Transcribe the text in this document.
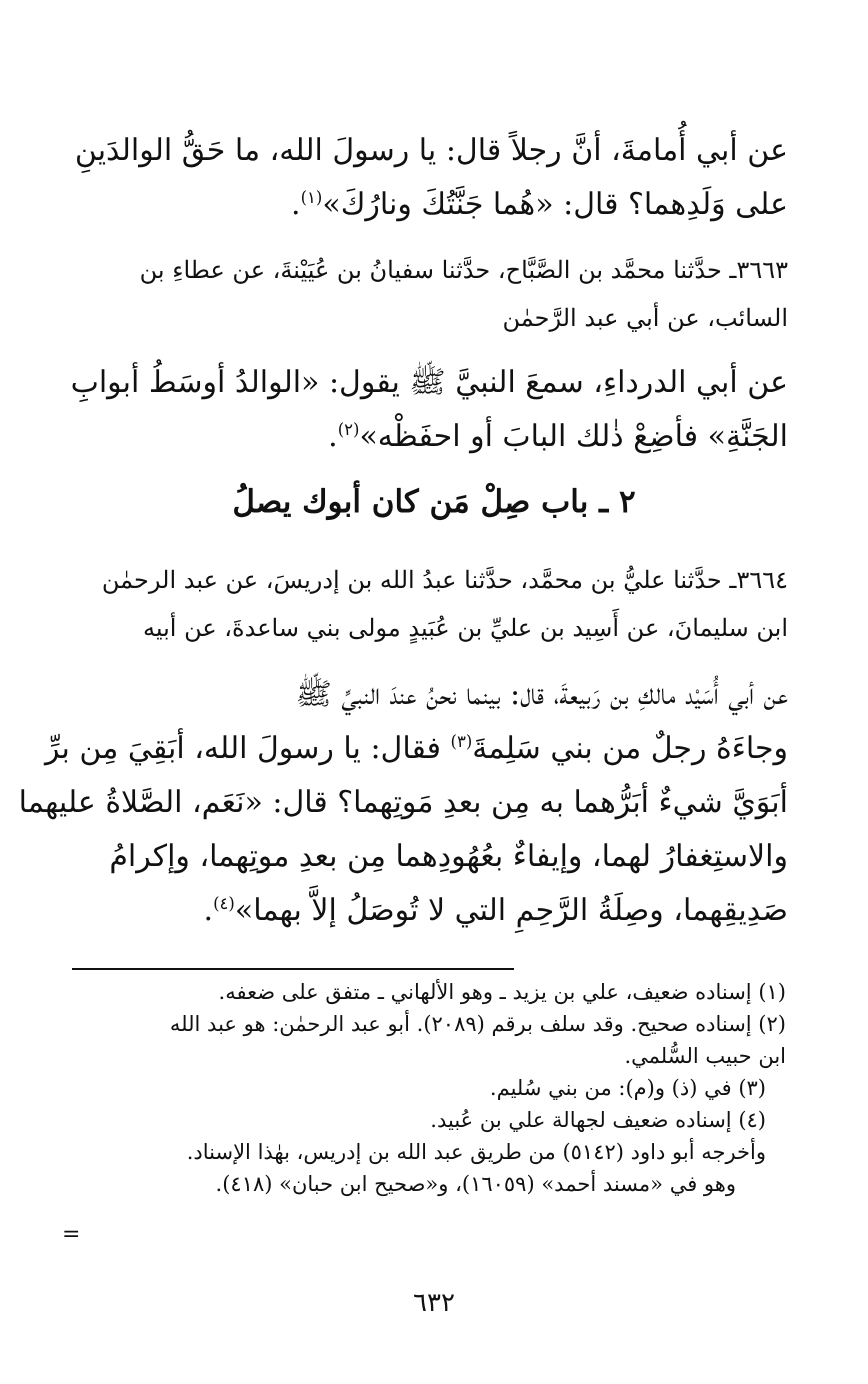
عن أبي أُمامةَ، أنَّ رجلاً قال: يا رسولَ الله، ما حَقُّ الوالدَينِ
على وَلَدِهما؟ قال: «هُما جَنَّتُكَ ونارُكَ»$^{(١)}$.
٣٦٦٣ـ حدَّثنا محمَّد بن الصَّبَّاح، حدَّثنا سفيانُ بن عُيَيْنةَ، عن عطاءِ بن
السائب، عن أبي عبد الرَّحمٰن
عن أبي الدرداءِ، سمعَ النبيَّ ﷺ يقول: «الوالدُ أوسَطُ أبوابِ
الجَنَّةِ» فأضِعْ ذٰلك البابَ أو احفَظْه»$^{(٢)}$.
٢ ـ باب صِلْ مَن كان أبوك يصلُ
٣٦٦٤ـ حدَّثنا عليُّ بن محمَّد، حدَّثنا عبدُ الله بن إدريسَ، عن عبد الرحمٰن
ابن سليمانَ، عن أَسِيد بن عليِّ بن عُبَيدٍ مولى بني ساعدةَ، عن أبيه
عن أبي أُسَيْد مالكِ بن رَبيعةَ، قال: بينما نحنُ عندَ النبيِّ ﷺ
وجاءَهُ رجلٌ من بني سَلِمةَ$^{(٣)}$ فقال: يا رسولَ الله، أبَقِيَ مِن برِّ
أبَوَيَّ شيءٌ أبَرُّهما به مِن بعدِ مَوتِهما؟ قال: «نَعَم، الصَّلاةُ عليهما
والاستِغفارُ لهما، وإيفاءٌ بعُهُودِهما مِن بعدِ موتِهما، وإكرامُ
صَدِيقِهما، وصِلَةُ الرَّحِمِ التي لا تُوصَلُ إلاَّ بهما»$^{(٤)}$.
(١) إسناده ضعيف، علي بن يزيد ـ وهو الألهاني ـ متفق على ضعفه.
(٢) إسناده صحيح. وقد سلف برقم (٢٠٨٩). أبو عبد الرحمٰن: هو عبد الله
ابن حبيب السُّلمي.
(٣) في (ذ) و(م): من بني سُليم.
(٤) إسناده ضعيف لجهالة علي بن عُبيد.
وأخرجه أبو داود (٥١٤٢) من طريق عبد الله بن إدريس، بهٰذا الإسناد.
وهو في «مسند أحمد» (١٦٠٥٩)، و«صحيح ابن حبان» (٤١٨).
=
٦٣٢
